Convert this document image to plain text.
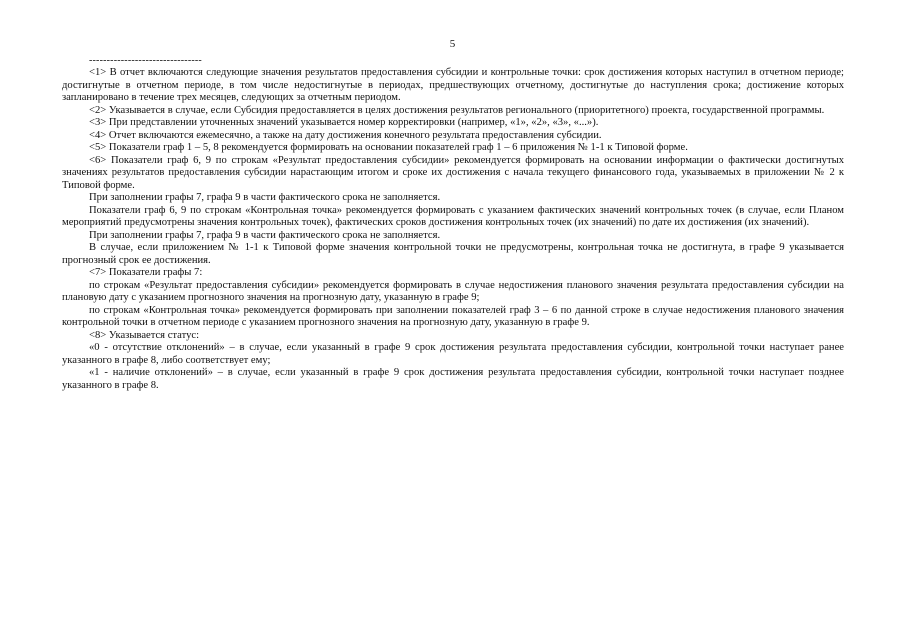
5
--------------------------------

<1> В отчет включаются следующие значения результатов предоставления субсидии и контрольные точки: срок достижения которых наступил в отчетном периоде; достигнутые в отчетном периоде, в том числе недостигнутые в периодах, предшествующих отчетному, достигнутые до наступления срока; достижение которых запланировано в течение трех месяцев, следующих за отчетным периодом.

<2> Указывается в случае, если Субсидия предоставляется в целях достижения результатов регионального (приоритетного) проекта, государственной программы.

<3> При представлении уточненных значений указывается номер корректировки (например, «1», «2», «3», «...»).

<4> Отчет включаются ежемесячно, а также на дату достижения конечного результата предоставления субсидии.

<5> Показатели граф 1 – 5, 8 рекомендуется формировать на основании показателей граф 1 – 6 приложения № 1-1 к Типовой форме.

<6> Показатели граф 6, 9 по строкам «Результат предоставления субсидии» рекомендуется формировать на основании информации о фактически достигнутых значениях результатов предоставления субсидии нарастающим итогом и сроке их достижения с начала текущего финансового года, указываемых в приложении № 2 к Типовой форме.

При заполнении графы 7, графа 9 в части фактического срока не заполняется.

Показатели граф 6, 9 по строкам «Контрольная точка» рекомендуется формировать с указанием фактических значений контрольных точек (в случае, если Планом мероприятий предусмотрены значения контрольных точек), фактических сроков достижения контрольных точек (их значений) по дате их достижения (их значений).

При заполнении графы 7, графа 9 в части фактического срока не заполняется.

В случае, если приложением № 1-1 к Типовой форме значения контрольной точки не предусмотрены, контрольная точка не достигнута, в графе 9 указывается прогнозный срок ее достижения.

<7> Показатели графы 7:

по строкам «Результат предоставления субсидии» рекомендуется формировать в случае недостижения планового значения результата предоставления субсидии на плановую дату с указанием прогнозного значения на прогнозную дату, указанную в графе 9;

по строкам «Контрольная точка» рекомендуется формировать при заполнении показателей граф 3 – 6 по данной строке в случае недостижения планового значения контрольной точки в отчетном периоде с указанием прогнозного значения на прогнозную дату, указанную в графе 9.

<8> Указывается статус:

«0 - отсутствие отклонений» – в случае, если указанный в графе 9 срок достижения результата предоставления субсидии, контрольной точки наступает ранее указанного в графе 8, либо соответствует ему;

«1 - наличие отклонений» – в случае, если указанный в графе 9 срок достижения результата предоставления субсидии, контрольной точки наступает позднее указанного в графе 8.
